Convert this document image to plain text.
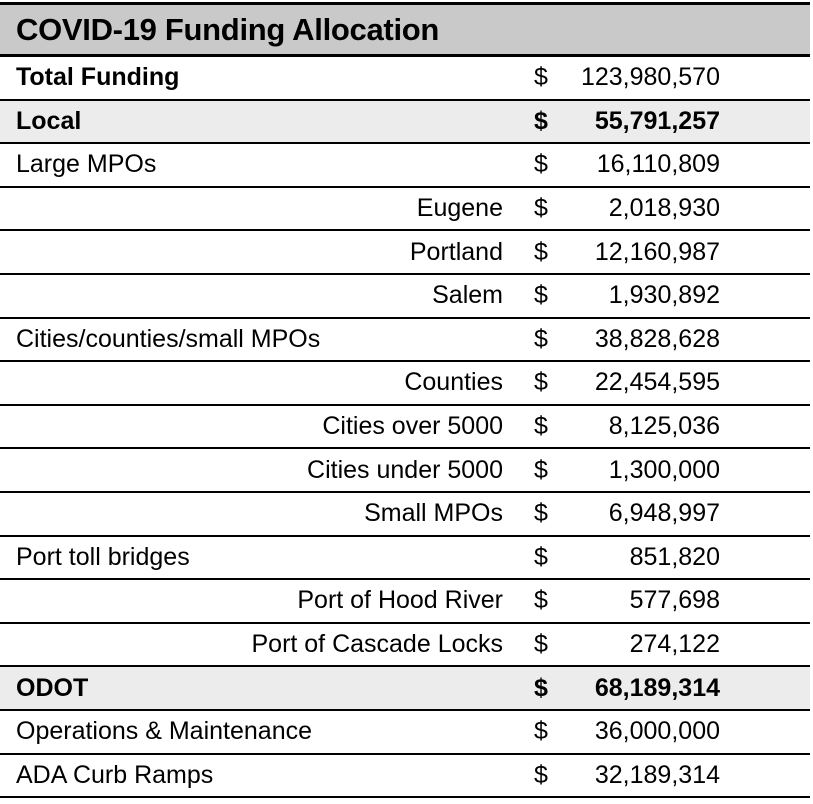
COVID-19 Funding Allocation
Total Funding	$ 123,980,570
Local	$ 55,791,257
Large MPOs	$ 16,110,809
Eugene $ 2,018,930
Portland $ 12,160,987
Salem $ 1,930,892
Cities/counties/small MPOs	$ 38,828,628
Counties $ 22,454,595
Cities over 5000 $ 8,125,036
Cities under 5000 $ 1,300,000
Small MPOs $ 6,948,997
Port toll bridges	$	851,820
Port of Hood River $	577,698
Port of Cascade Locks $	274,122
ODOT	$ 68,189,314
Operations & Maintenance	$ 36,000,000
ADA Curb Ramps	$ 32,189,314
